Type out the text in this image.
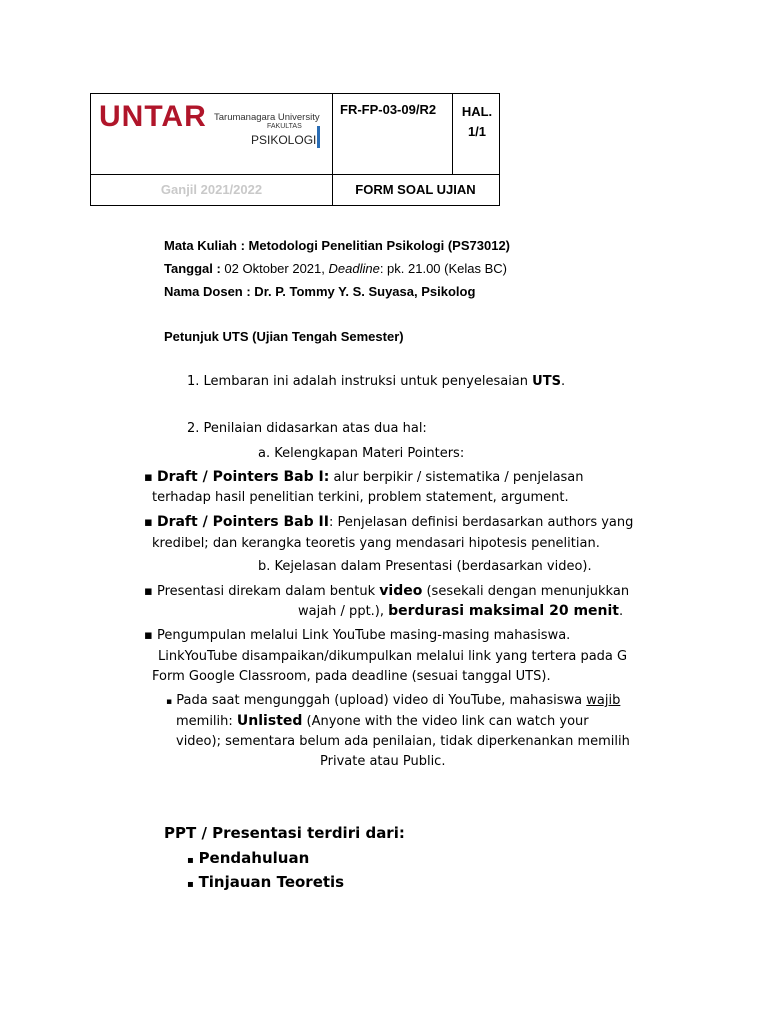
UNTAR Tarumanagara University
FAKULTAS
PSIKOLOGI
FR-FP-03-09/R2 HAL. 1/1
Ganjil 2021/2022	FORM SOAL UJIAN
Mata Kuliah : Metodologi Penelitian Psikologi (PS73012)
Tanggal : 02 Oktober 2021, Deadline: pk. 21.00 (Kelas BC)
Nama Dosen : Dr. P. Tommy Y. S. Suyasa, Psikolog
Petunjuk UTS (Ujian Tengah Semester)
1. Lembaran ini adalah instruksi untuk penyelesaian UTS.
2. Penilaian didasarkan atas dua hal:
a. Kelengkapan Materi Pointers:
▪ Draft / Pointers Bab I: alur berpikir / sistematika / penjelasan
terhadap hasil penelitian terkini, problem statement, argument.
▪ Draft / Pointers Bab II: Penjelasan definisi berdasarkan authors yang
kredibel; dan kerangka teoretis yang mendasari hipotesis penelitian.
b. Kejelasan dalam Presentasi (berdasarkan video).
▪ Presentasi direkam dalam bentuk video (sesekali dengan menunjukkan
wajah / ppt.), berdurasi maksimal 20 menit.
▪ Pengumpulan melalui Link YouTube masing-masing mahasiswa.
LinkYouTube disampaikan/dikumpulkan melalui link yang tertera pada G
Form Google Classroom, pada deadline (sesuai tanggal UTS).
▪ Pada saat mengunggah (upload) video di YouTube, mahasiswa wajib
memilih: Unlisted (Anyone with the video link can watch your
video); sementara belum ada penilaian, tidak diperkenankan memilih
Private atau Public.
PPT / Presentasi terdiri dari:
▪ Pendahuluan
▪ Tinjauan Teoretis
